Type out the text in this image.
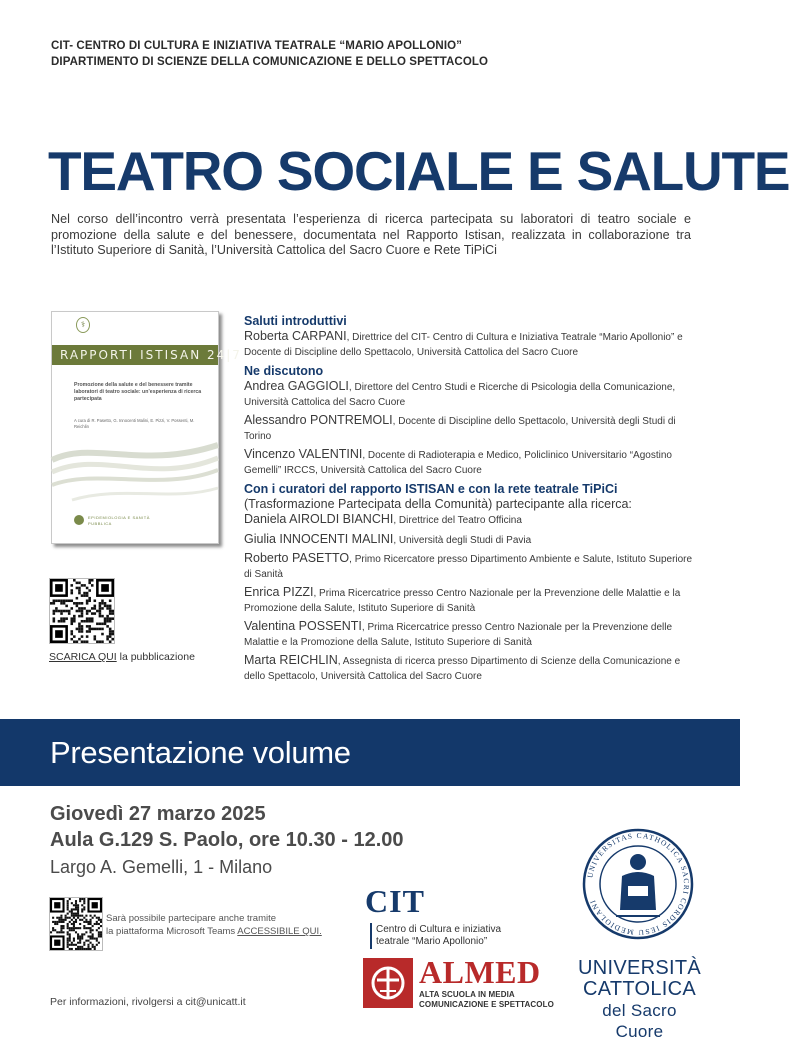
CIT- CENTRO DI CULTURA E INIZIATIVA TEATRALE “MARIO APOLLONIO”
DIPARTIMENTO DI SCIENZE DELLA COMUNICAZIONE E DELLO SPETTACOLO
TEATRO SOCIALE E SALUTE
Nel corso dell’incontro verrà presentata l’esperienza di ricerca partecipata su laboratori di teatro sociale e promozione della salute e del benessere, documentata nel Rapporto Istisan, realizzata in collaborazione tra l’Istituto Superiore di Sanità, l’Università Cattolica del Sacro Cuore e Rete TiPiCi
⚕
RAPPORTI ISTISAN 24|7
Promozione della salute e del benessere tramite laboratori di teatro sociale: un’esperienza di ricerca partecipata
A cura di R. Pasetto, G. Innocenti Malini, E. Pizzi, V. Possenti, M. Reichlin
EPIDEMIOLOGIA E SANITÀ PUBBLICA
SCARICA QUI la pubblicazione
Saluti introduttivi
Roberta CARPANI, Direttrice del CIT- Centro di Cultura e Iniziativa Teatrale “Mario Apollonio” e Docente di Discipline dello Spettacolo, Università Cattolica del Sacro Cuore
Ne discutono
Andrea GAGGIOLI, Direttore del Centro Studi e Ricerche di Psicologia della Comunicazione, Università Cattolica del Sacro Cuore
Alessandro PONTREMOLI, Docente di Discipline dello Spettacolo, Università degli Studi di Torino
Vincenzo VALENTINI, Docente di Radioterapia e Medico, Policlinico Universitario “Agostino Gemelli” IRCCS, Università Cattolica del Sacro Cuore
Con i curatori del rapporto ISTISAN e con la rete teatrale TiPiCi (Trasformazione Partecipata della Comunità) partecipante alla ricerca:
Daniela AIROLDI BIANCHI, Direttrice del Teatro Officina
Giulia INNOCENTI MALINI, Università degli Studi di Pavia
Roberto PASETTO, Primo Ricercatore presso Dipartimento Ambiente e Salute, Istituto Superiore di Sanità
Enrica PIZZI, Prima Ricercatrice presso Centro Nazionale per la Prevenzione delle Malattie e la Promozione della Salute, Istituto Superiore di Sanità
Valentina POSSENTI, Prima Ricercatrice presso Centro Nazionale per la Prevenzione delle Malattie e la Promozione della Salute, Istituto Superiore di Sanità
Marta REICHLIN, Assegnista di ricerca presso Dipartimento di Scienze della Comunicazione e dello Spettacolo, Università Cattolica del Sacro Cuore
Presentazione volume
Giovedì 27 marzo 2025
Aula G.129 S. Paolo, ore 10.30 - 12.00
Largo A. Gemelli, 1 - Milano
Sarà possibile partecipare anche tramite
la piattaforma Microsoft Teams ACCESSIBILE QUI.
Per informazioni, rivolgersi a cit@unicatt.it
CIT
Centro di Cultura e iniziativa
teatrale “Mario Apollonio”
ALMED
ALTA SCUOLA IN MEDIA
COMUNICAZIONE E SPETTACOLO
UNIVERSITAS CATHOLICA SACRI CORDIS IESU MEDIOLANI
UNIVERSITÀ
CATTOLICA
del Sacro Cuore
